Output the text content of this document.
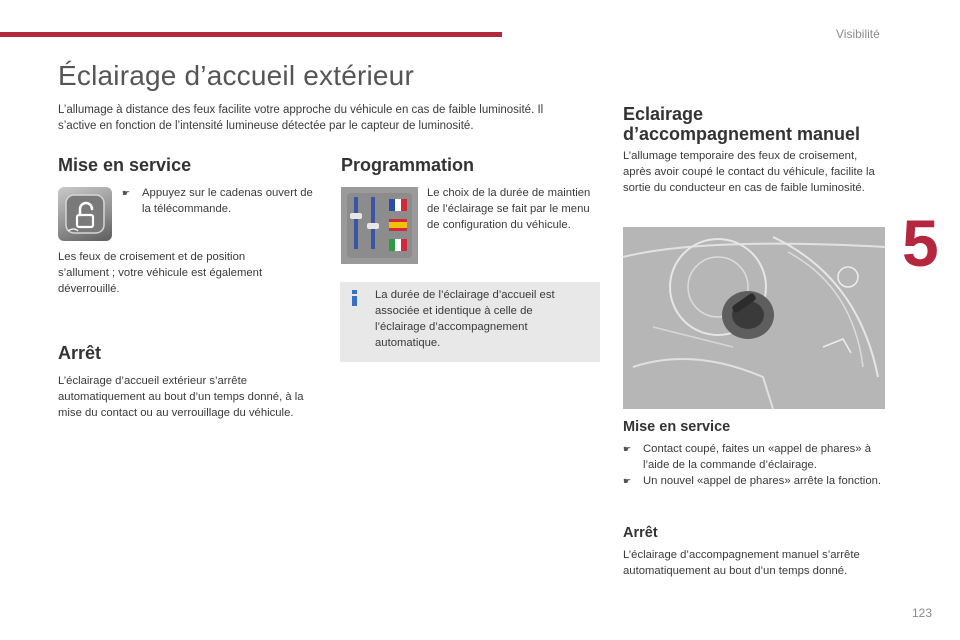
Visibilité
5
123
Éclairage d’accueil extérieur

L’allumage à distance des feux facilite votre approche du véhicule en cas de faible luminosité. Il s’active en fonction de l’intensité lumineuse détectée par le capteur de luminosité.

Mise en service
☛	Appuyez sur le cadenas ouvert de la télécommande.

Les feux de croisement et de position s’allument ; votre véhicule est également déverrouillé.

Arrêt

L’éclairage d’accueil extérieur s’arrête automatiquement au bout d’un temps donné, à la mise du contact ou au verrouillage du véhicule.

Programmation

Le choix de la durée de maintien de l’éclairage se fait par le menu de configuration du véhicule.

La durée de l’éclairage d’accueil est associée et identique à celle de l’éclairage d’accompagnement automatique.

Eclairage
d’accompagnement manuel

L’allumage temporaire des feux de croisement, après avoir coupé le contact du véhicule, facilite la sortie du conducteur en cas de faible luminosité.

Mise en service
☛	Contact coupé, faites un «appel de phares» à l’aide de la commande d’éclairage.
☛	Un nouvel «appel de phares» arrête la fonction.
Arrêt

L’éclairage d’accompagnement manuel s’arrête automatiquement au bout d’un temps donné.
